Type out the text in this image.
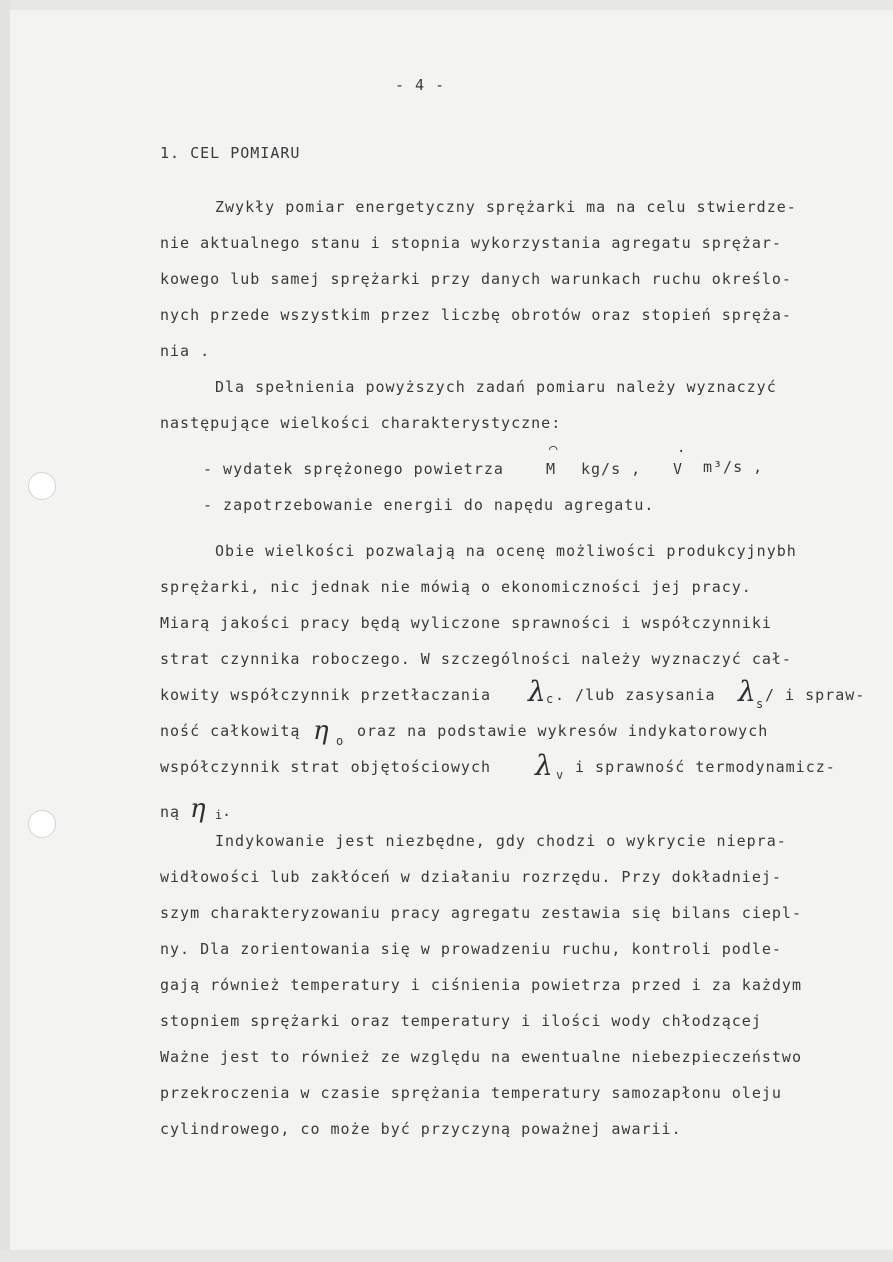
- 4 -
1. CEL POMIARU
Zwykły pomiar energetyczny sprężarki ma na celu stwierdze-
nie aktualnego stanu i stopnia wykorzystania agregatu sprężar-
kowego lub samej sprężarki przy danych warunkach ruchu określo-
nych przede wszystkim przez liczbę obrotów oraz stopień spręża-
nia .
Dla spełnienia powyższych zadań pomiaru należy wyznaczyć
następujące wielkości charakterystyczne:
- wydatek sprężonego powietrza
⌒
M kg/s ,
·
V m³/s ,
- zapotrzebowanie energii do napędu agregatu.
Obie wielkości pozwalają na ocenę możliwości produkcyjnybh
sprężarki, nic jednak nie mówią o ekonomiczności jej pracy.
Miarą jakości pracy będą wyliczone sprawności i współczynniki
strat czynnika roboczego. W szczególności należy wyznaczyć cał-
kowity współczynnik przetłaczania λ c . /lub zasysania λ s / i spraw-
ność całkowitą η o
oraz na podstawie wykresów indykatorowych
współczynnik strat objętościowych λ v i sprawność termodynamicz-
ną η i .
Indykowanie jest niezbędne, gdy chodzi o wykrycie niepra-
widłowości lub zakłóceń w działaniu rozrzędu. Przy dokładniej-
szym charakteryzowaniu pracy agregatu zestawia się bilans ciepl-
ny. Dla zorientowania się w prowadzeniu ruchu, kontroli podle-
gają również temperatury i ciśnienia powietrza przed i za każdym
stopniem sprężarki oraz temperatury i ilości wody chłodzącej
Ważne jest to również ze względu na ewentualne niebezpieczeństwo
przekroczenia w czasie sprężania temperatury samozapłonu oleju
cylindrowego, co może być przyczyną poważnej awarii.
